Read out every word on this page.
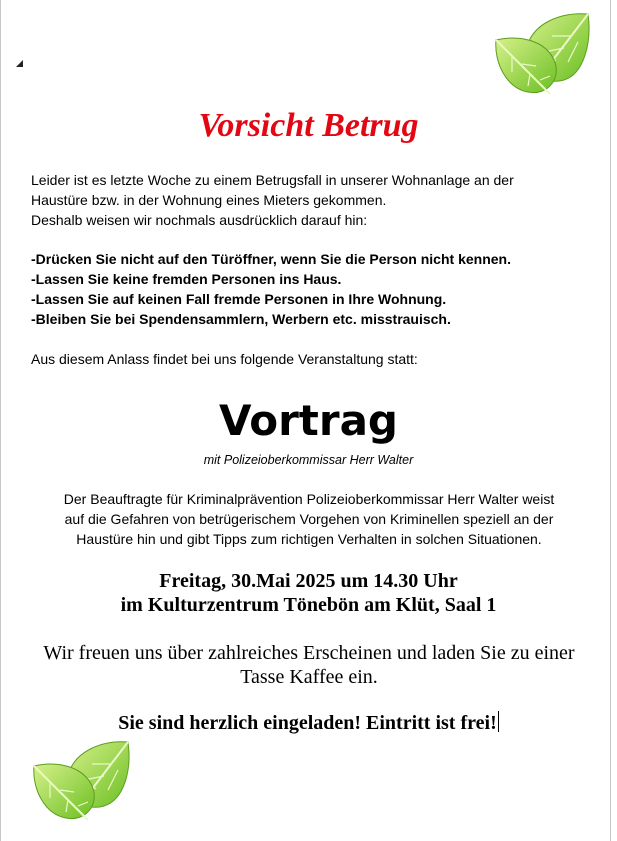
Vorsicht Betrug
Leider ist es letzte Woche zu einem Betrugsfall in unserer Wohnanlage an der
Haustüre bzw. in der Wohnung eines Mieters gekommen.
Deshalb weisen wir nochmals ausdrücklich darauf hin:
-Drücken Sie nicht auf den Türöffner, wenn Sie die Person nicht kennen.
-Lassen Sie keine fremden Personen ins Haus.
-Lassen Sie auf keinen Fall fremde Personen in Ihre Wohnung.
-Bleiben Sie bei Spendensammlern, Werbern etc. misstrauisch.
Aus diesem Anlass findet bei uns folgende Veranstaltung statt:
Vortrag
mit Polizeioberkommissar Herr Walter
Der Beauftragte für Kriminalprävention Polizeioberkommissar Herr Walter weist
auf die Gefahren von betrügerischem Vorgehen von Kriminellen speziell an der
Haustüre hin und gibt Tipps zum richtigen Verhalten in solchen Situationen.
Freitag, 30.Mai 2025 um 14.30 Uhr
im Kulturzentrum Tönebön am Klüt, Saal 1
Wir freuen uns über zahlreiches Erscheinen und laden Sie zu einer
Tasse Kaffee ein.
Sie sind herzlich eingeladen! Eintritt ist frei!
